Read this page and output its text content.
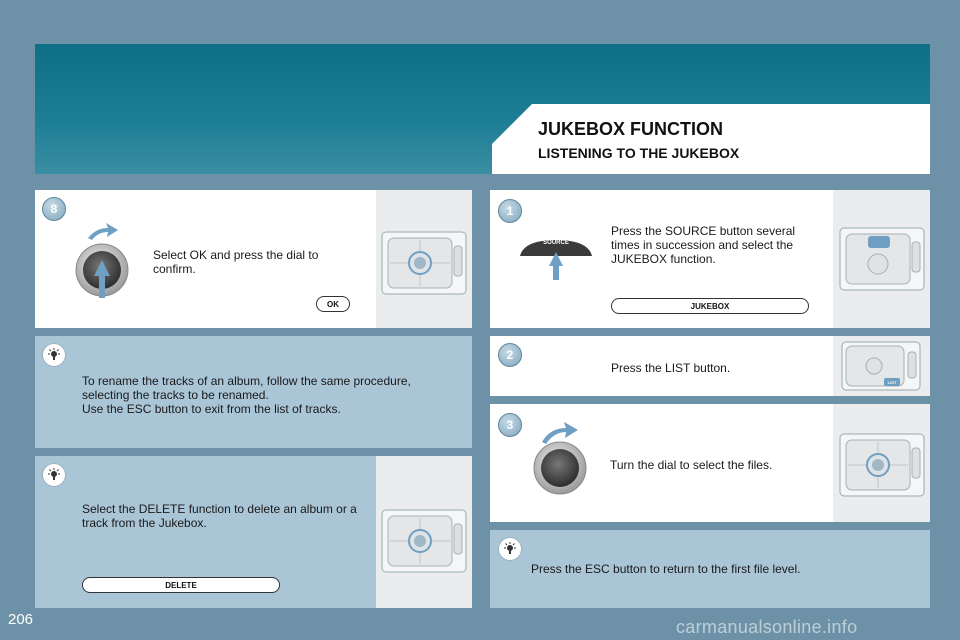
JUKEBOX FUNCTION
LISTENING TO THE JUKEBOX
8
Select OK and press the dial to confirm.
OK
To rename the tracks of an album, follow the same procedure, selecting the tracks to be renamed.
Use the ESC button to exit from the list of tracks.
Select the DELETE function to delete an album or a track from the Jukebox.
DELETE
1
SOURCE
Press the SOURCE button several times in succession and select the JUKEBOX function.
JUKEBOX
2
Press the LIST button.
LIST
3
Turn the dial to select the files.
Press the ESC button to return to the first file level.
206	carmanualsonline.info
